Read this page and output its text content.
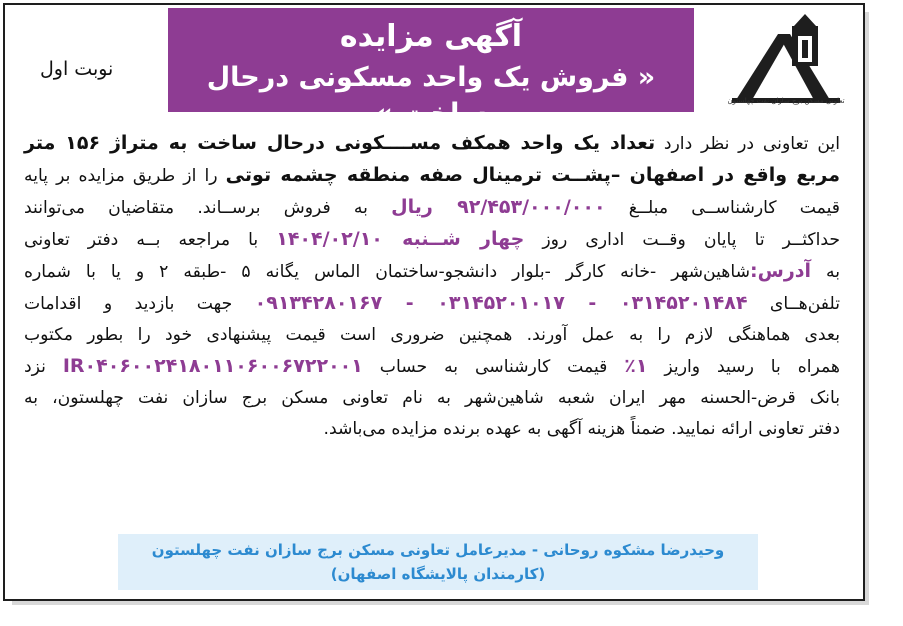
تعاونی مسکن برج سازان نفت چهلستون
آگهی مزایده
« فروش یک واحد مسکونی درحال ساخت »
نوبت اول
این تعاونی در نظر دارد تعداد یک واحد همکف مســــکونی درحال ساخت به متراژ ۱۵۶ متر
مربع واقع در اصفهان –پشــت ترمینال صفه منطقه چشمه توتی را از طریق مزایده بر پایه
قیمت کارشناســی مبلــغ ۹۲/۴۵۳/۰۰۰/۰۰۰ ریال به فروش برســاند. متقاضیان می‌توانند
حداکثــر تا پایان وقــت اداری روز چهار شــنبه ۱۴۰۴/۰۲/۱۰ با مراجعه بــه دفتر تعاونی
به آدرس:شاهین‌شهر -خانه کارگر -بلوار دانشجو-ساختمان الماس یگانه ۵ -طبقه ۲ و یا با شماره
تلفن‌هــای ۰۳۱۴۵۲۰۱۴۸۴ - ۰۳۱۴۵۲۰۱۰۱۷ - ۰۹۱۳۴۲۸۰۱۶۷ جهت بازدید و اقدامات
بعدی هماهنگی لازم را به عمل آورند. همچنین ضروری است قیمت پیشنهادی خود را بطور مکتوب
همراه با رسید واریز ۱٪ قیمت کارشناسی به حساب IR۰۴۰۶۰۰۲۴۱۸۰۱۱۰۶۰۰۶۷۲۲۰۰۱ نزد
بانک قرض-الحسنه مهر ایران شعبه شاهین‌شهر به نام تعاونی مسکن برج سازان نفت چهلستون، به
دفتر تعاونی ارائه نمایید. ضمناً هزینه آگهی به عهده برنده مزایده می‌باشد.
وحیدرضا مشکوه روحانی - مدیرعامل تعاونی مسکن برج سازان نفت چهلستون
(کارمندان پالایشگاه اصفهان)
